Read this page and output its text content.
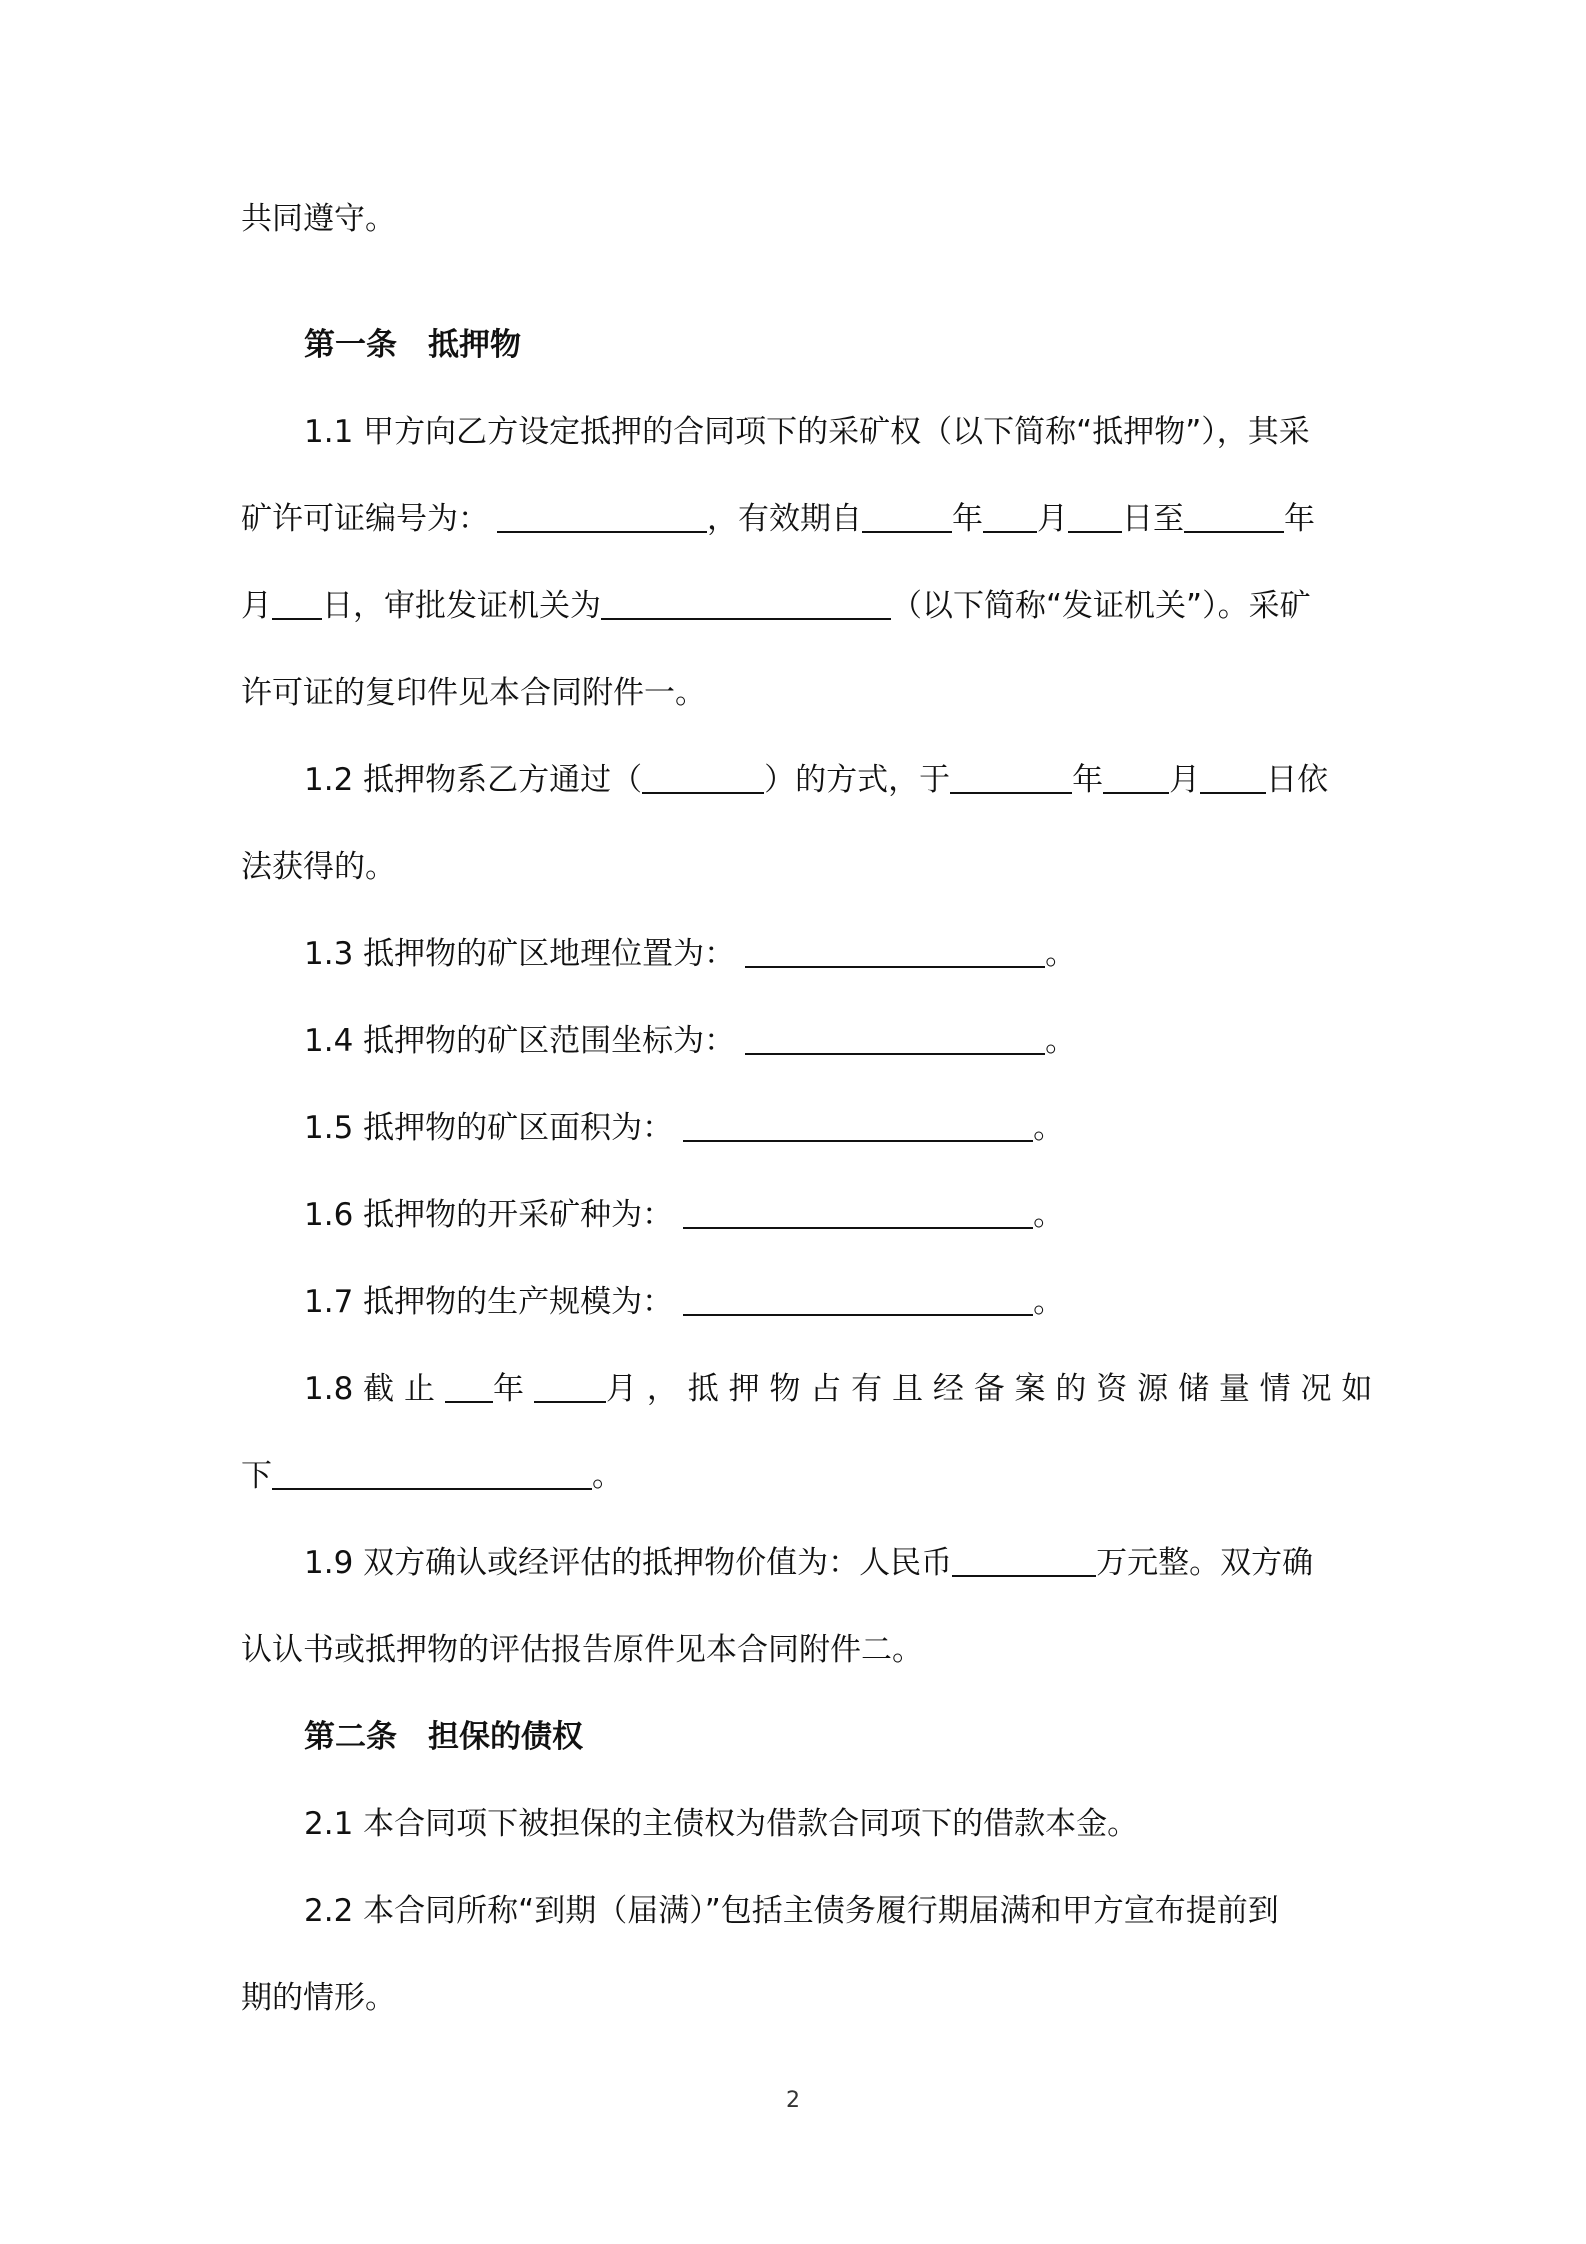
共同遵守。
第一条　抵押物
1.1 甲方向乙方设定抵押的合同项下的采矿权（以下简称“抵押物”），其采
矿许可证编号为：	，有效期自	年 月 日至	年
月 日，审批发证机关为	（以下简称“发证机关”）。采矿
许可证的复印件见本合同附件一。
1.2 抵押物系乙方通过（	）的方式，于	年 月 日依
法获得的。
1.3 抵押物的矿区地理位置为：	。
1.4 抵押物的矿区范围坐标为：	。
1.5 抵押物的矿区面积为：	。
1.6 抵押物的开采矿种为：	。
1.7 抵押物的生产规模为：	。
1.8 截 止 年	月 ， 抵 押 物 占 有 且 经 备 案 的 资 源 储 量 情 况 如
下	。
1.9 双方确认或经评估的抵押物价值为：人民币	万元整。双方确
认认书或抵押物的评估报告原件见本合同附件二。
第二条　担保的债权
2.1 本合同项下被担保的主债权为借款合同项下的借款本金。
2.2 本合同所称“到期（届满）”包括主债务履行期届满和甲方宣布提前到
期的情形。
2
